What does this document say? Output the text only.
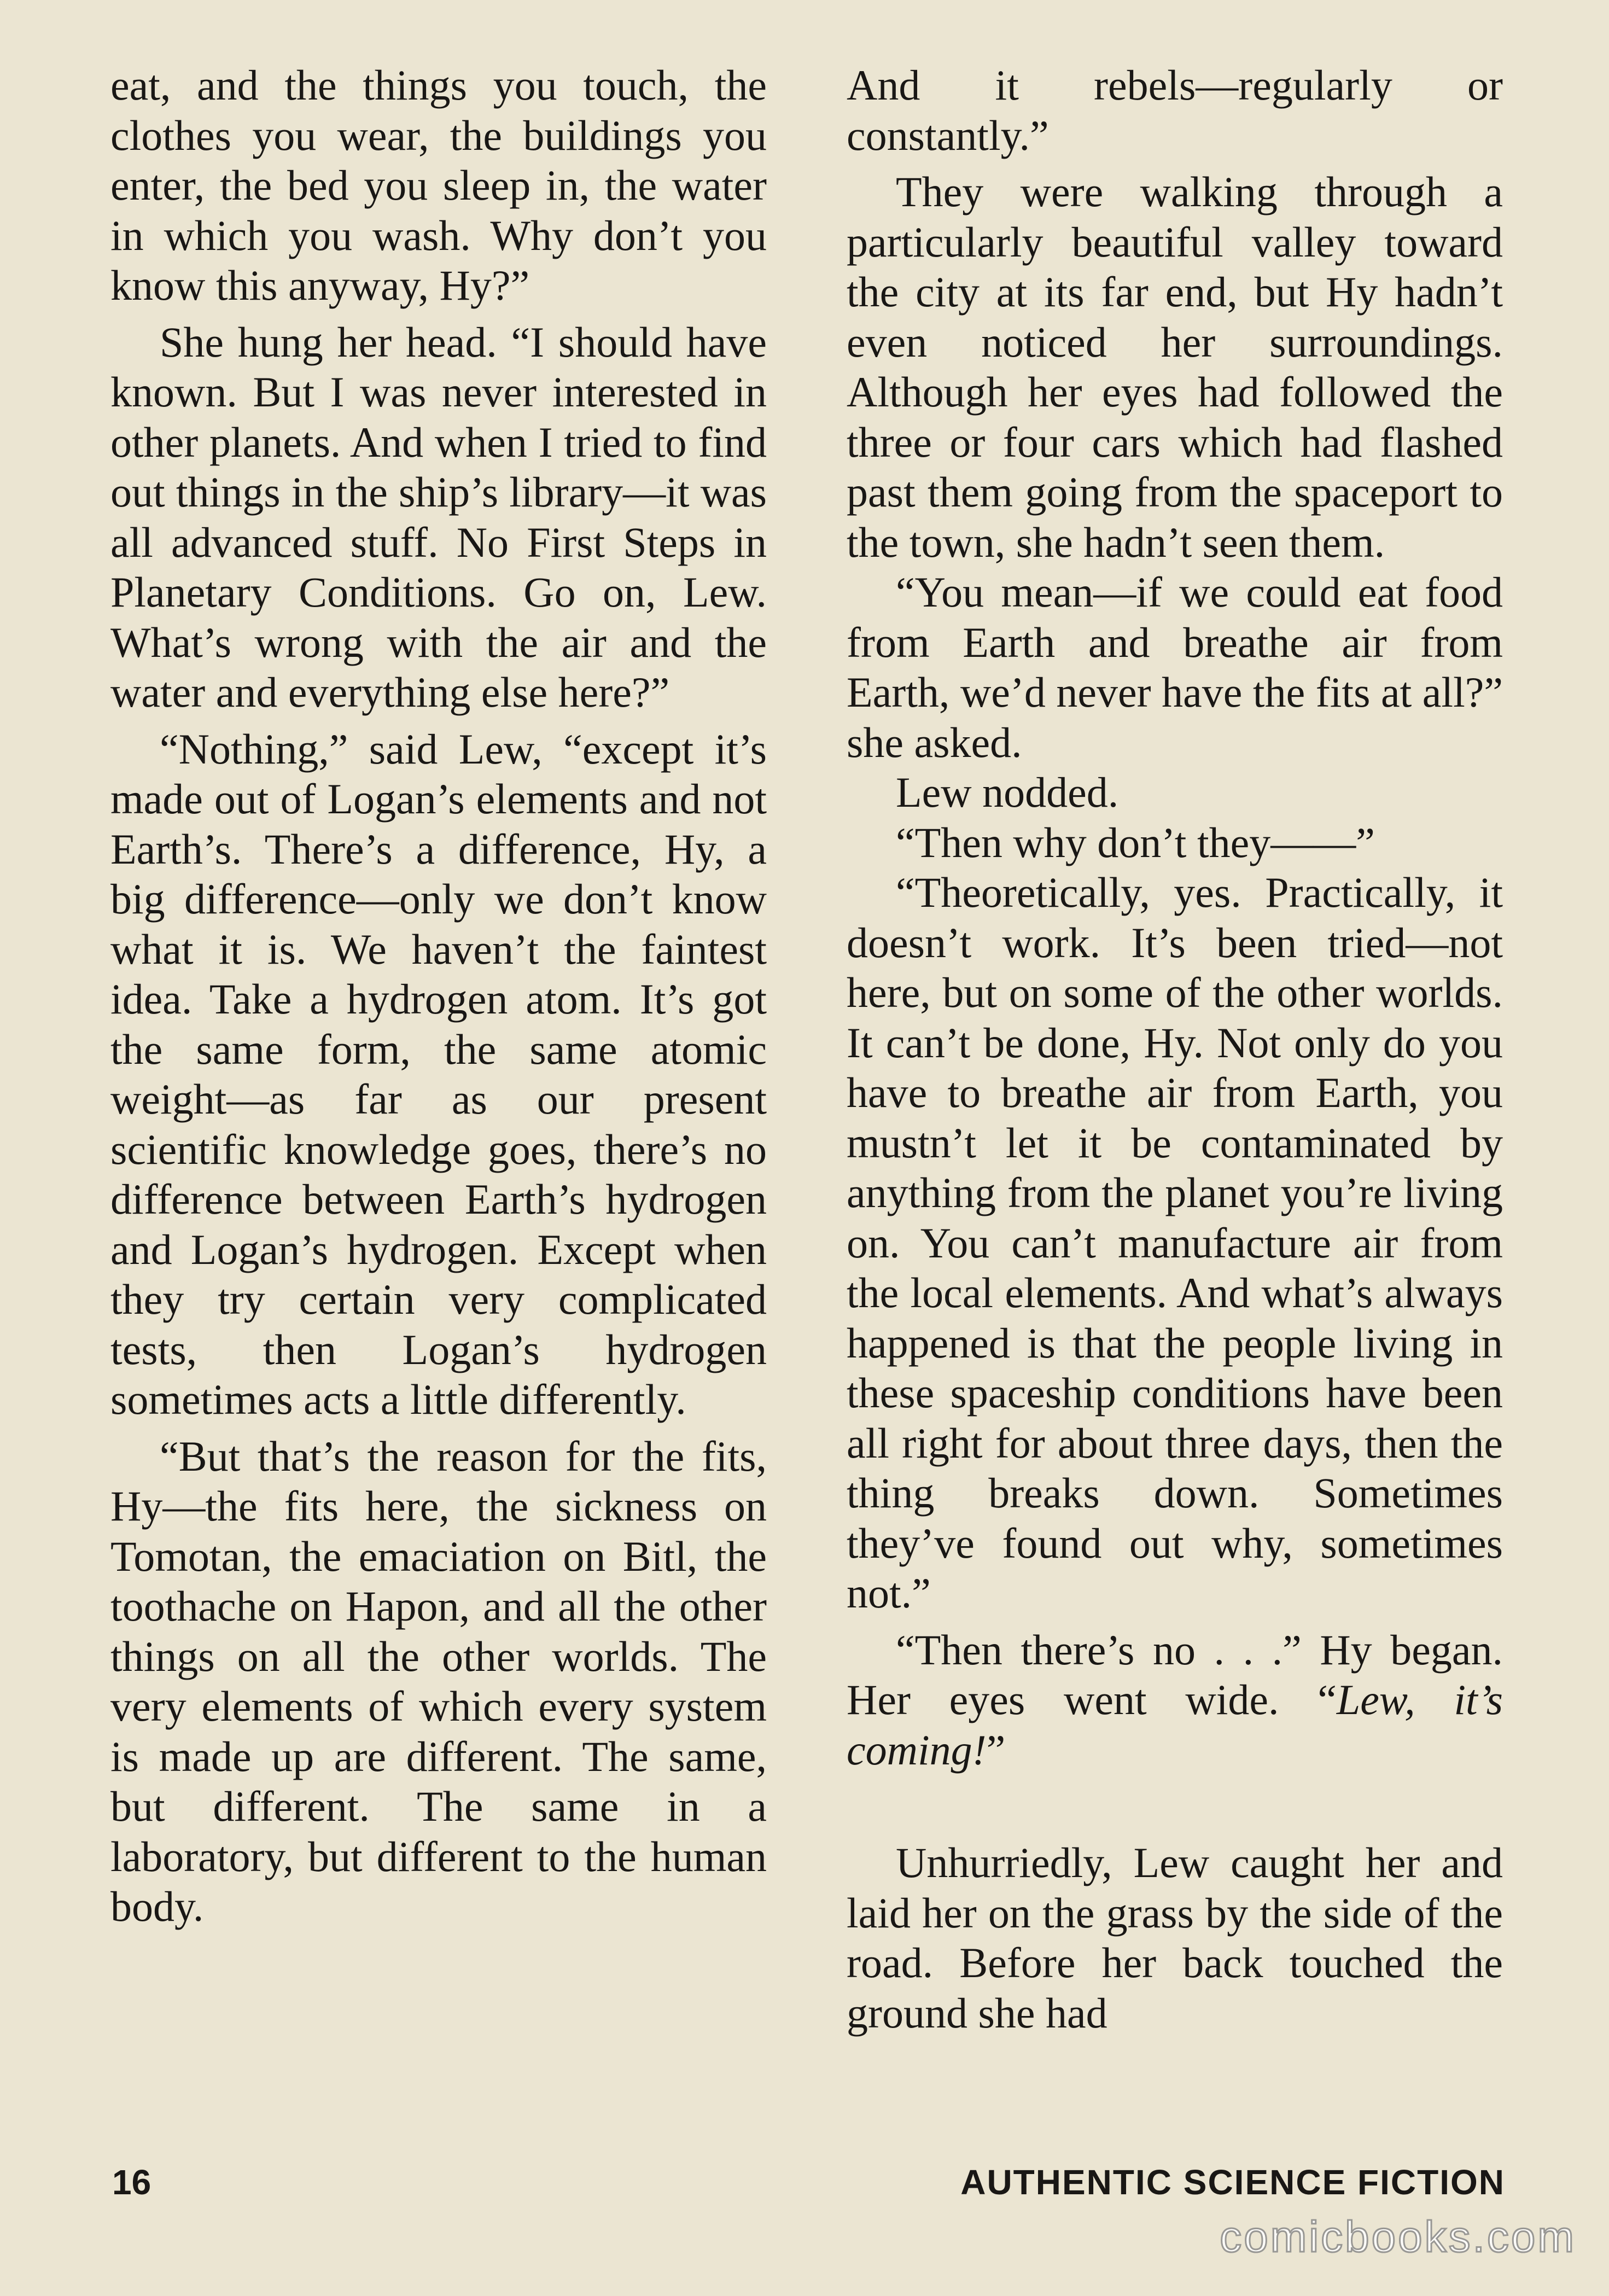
eat, and the things you touch, the clothes you wear, the buildings you enter, the bed you sleep in, the water in which you wash. Why don’t you know this anyway, Hy?”

She hung her head. “I should have known. But I was never interested in other planets. And when I tried to find out things in the ship’s library—it was all advanced stuff. No First Steps in Planetary Conditions. Go on, Lew. What’s wrong with the air and the water and everything else here?”

“Nothing,” said Lew, “except it’s made out of Logan’s elements and not Earth’s. There’s a difference, Hy, a big difference—only we don’t know what it is. We haven’t the faintest idea. Take a hydrogen atom. It’s got the same form, the same atomic weight—as far as our present scientific knowledge goes, there’s no difference between Earth’s hydrogen and Logan’s hydrogen. Except when they try certain very complicated tests, then Logan’s hydrogen sometimes acts a little differently.

“But that’s the reason for the fits, Hy—the fits here, the sickness on Tomotan, the emaciation on Bitl, the toothache on Hapon, and all the other things on all the other worlds. The very elements of which every system is made up are different. The same, but different. The same in a laboratory, but different to the human body.

And it rebels—regularly or constantly.”

They were walking through a particularly beautiful valley toward the city at its far end, but Hy hadn’t even noticed her surroundings. Although her eyes had followed the three or four cars which had flashed past them going from the spaceport to the town, she hadn’t seen them.

“You mean—if we could eat food from Earth and breathe air from Earth, we’d never have the fits at all?” she asked.

Lew nodded.

“Then why don’t they——”

“Theoretically, yes. Practically, it doesn’t work. It’s been tried—not here, but on some of the other worlds. It can’t be done, Hy. Not only do you have to breathe air from Earth, you mustn’t let it be contaminated by anything from the planet you’re living on. You can’t manufacture air from the local elements. And what’s always happened is that the people living in these spaceship conditions have been all right for about three days, then the thing breaks down. Sometimes they’ve found out why, sometimes not.”

“Then there’s no . . .” Hy began. Her eyes went wide. “Lew, it’s coming!”

Unhurriedly, Lew caught her and laid her on the grass by the side of the road. Before her back touched the ground she had

16	AUTHENTIC SCIENCE FICTION
comicbooks.com
